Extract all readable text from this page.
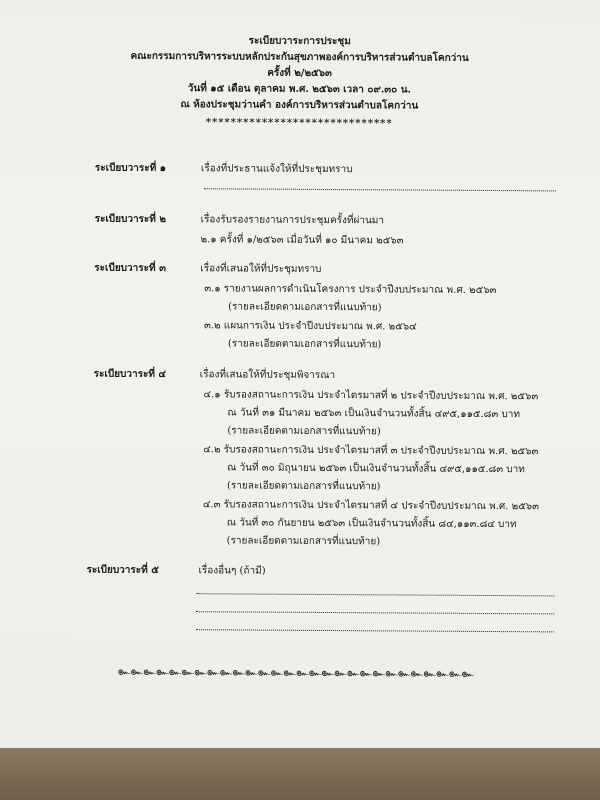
ระเบียบวาระการประชุม
คณะกรรมการบริหารระบบหลักประกันสุขภาพองค์การบริหารส่วนตำบลโคกว่าน
ครั้งที่ ๒/๒๕๖๓
วันที่ ๑๕ เดือน ตุลาคม พ.ศ. ๒๕๖๓ เวลา ๐๙.๓๐ น.
ณ ห้องประชุมว่านคำ องค์การบริหารส่วนตำบลโคกว่าน
******************************
ระเบียบวาระที่ ๑	เรื่องที่ประธานแจ้งให้ที่ประชุมทราบ
ระเบียบวาระที่ ๒	เรื่องรับรองรายงานการประชุมครั้งที่ผ่านมา
๒.๑ ครั้งที่ ๑/๒๕๖๓ เมื่อวันที่ ๑๐ มีนาคม ๒๕๖๓
ระเบียบวาระที่ ๓	เรื่องที่เสนอให้ที่ประชุมทราบ
๓.๑ รายงานผลการดำเนินโครงการ ประจำปีงบประมาณ พ.ศ. ๒๕๖๓
(รายละเอียดตามเอกสารที่แนบท้าย)
๓.๒ แผนการเงิน ประจำปีงบประมาณ พ.ศ. ๒๕๖๔
(รายละเอียดตามเอกสารที่แนบท้าย)
ระเบียบวาระที่ ๔	เรื่องที่เสนอให้ที่ประชุมพิจารณา
๔.๑ รับรองสถานะการเงิน ประจำไตรมาสที่ ๒ ประจำปีงบประมาณ พ.ศ. ๒๕๖๓
ณ วันที่ ๓๑ มีนาคม ๒๕๖๓ เป็นเงินจำนวนทั้งสิ้น ๔๙๕,๑๑๕.๘๓ บาท
(รายละเอียดตามเอกสารที่แนบท้าย)
๔.๒ รับรองสถานะการเงิน ประจำไตรมาสที่ ๓ ประจำปีงบประมาณ พ.ศ. ๒๕๖๓
ณ วันที่ ๓๐ มิถุนายน ๒๕๖๓ เป็นเงินจำนวนทั้งสิ้น ๔๙๕,๑๑๕.๘๓ บาท
(รายละเอียดตามเอกสารที่แนบท้าย)
๔.๓ รับรองสถานะการเงิน ประจำไตรมาสที่ ๔ ประจำปีงบประมาณ พ.ศ. ๒๕๖๓
ณ วันที่ ๓๐ กันยายน ๒๕๖๓ เป็นเงินจำนวนทั้งสิ้น ๘๔,๑๑๓.๘๔ บาท
(รายละเอียดตามเอกสารที่แนบท้าย)
ระเบียบวาระที่ ๕	เรื่องอื่นๆ (ถ้ามี)
๛๛๛๛๛๛๛๛๛๛๛๛๛๛๛๛๛๛๛๛๛๛๛๛๛๛๛๛
